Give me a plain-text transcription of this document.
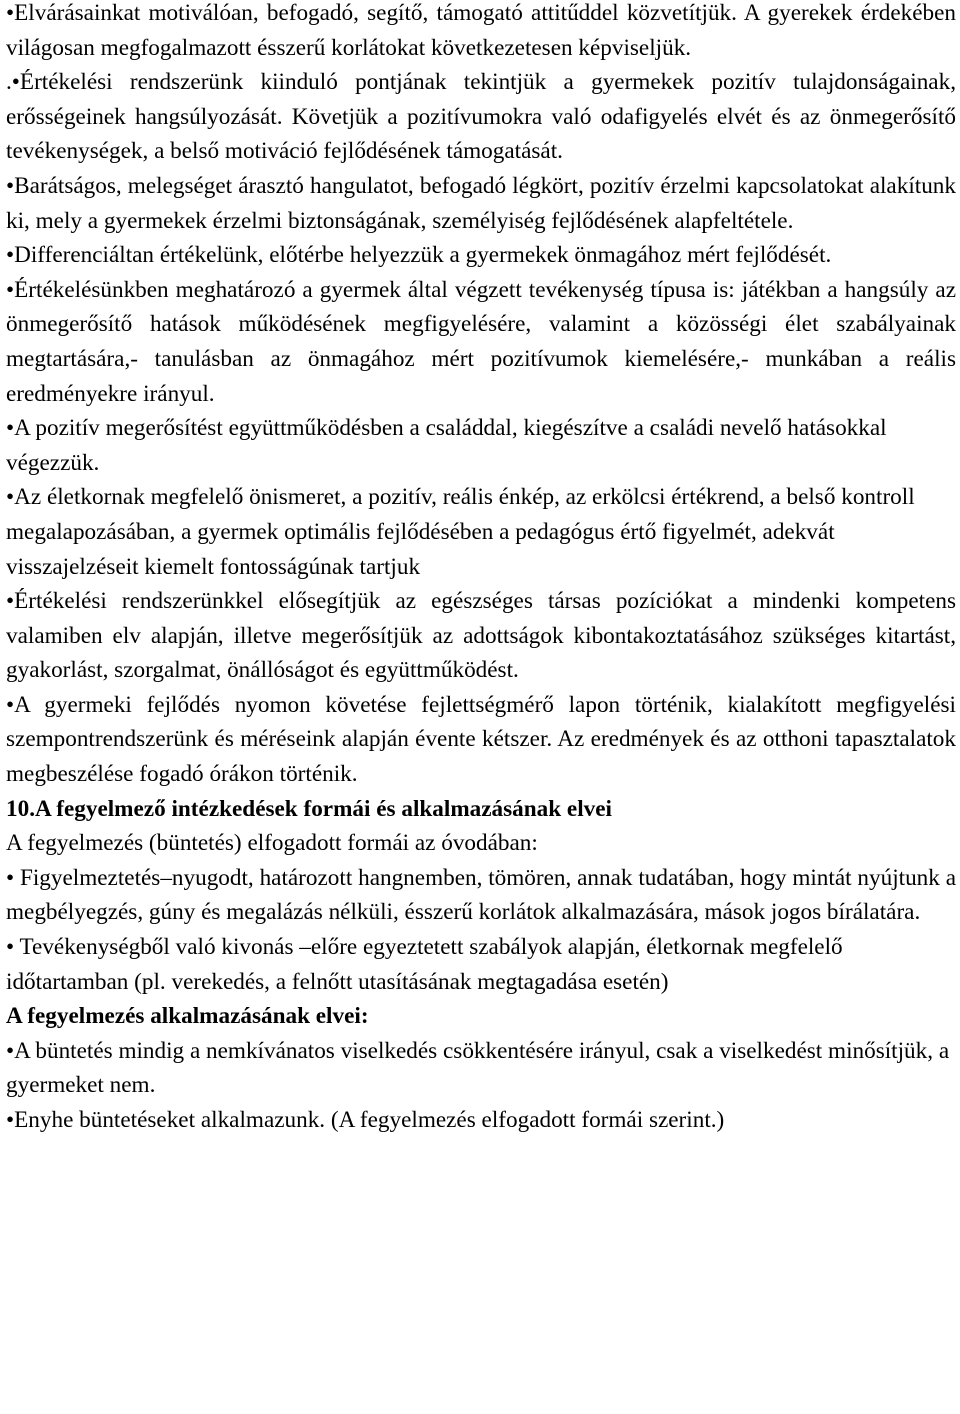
•Elvárásainkat motiválóan, befogadó, segítő, támogató attitűddel közvetítjük. A gyerekek érdekében világosan megfogalmazott ésszerű korlátokat következetesen képviseljük.

.•Értékelési rendszerünk kiinduló pontjának tekintjük a gyermekek pozitív tulajdonságainak, erősségeinek hangsúlyozását. Követjük a pozitívumokra való odafigyelés elvét és az önmegerősítő tevékenységek, a belső motiváció fejlődésének támogatását.

•Barátságos, melegséget árasztó hangulatot, befogadó légkört, pozitív érzelmi kapcsolatokat alakítunk ki, mely a gyermekek érzelmi biztonságának, személyiség fejlődésének alapfeltétele.

•Differenciáltan értékelünk, előtérbe helyezzük a gyermekek önmagához mért fejlődését.

•Értékelésünkben meghatározó a gyermek által végzett tevékenység típusa is: játékban a hangsúly az önmegerősítő hatások működésének megfigyelésére, valamint a közösségi élet szabályainak megtartására,- tanulásban az önmagához mért pozitívumok kiemelésére,- munkában a reális eredményekre irányul.

•A pozitív megerősítést együttműködésben a családdal, kiegészítve a családi nevelő hatásokkal végezzük.

•Az életkornak megfelelő önismeret, a pozitív, reális énkép, az erkölcsi értékrend, a belső kontroll megalapozásában, a gyermek optimális fejlődésében a pedagógus értő figyelmét, adekvát visszajelzéseit kiemelt fontosságúnak tartjuk

•Értékelési rendszerünkkel elősegítjük az egészséges társas pozíciókat a mindenki kompetens valamiben elv alapján, illetve megerősítjük az adottságok kibontakoztatásához szükséges kitartást, gyakorlást, szorgalmat, önállóságot és együttműködést.

•A gyermeki fejlődés nyomon követése fejlettségmérő lapon történik, kialakított megfigyelési szempontrendszerünk és méréseink alapján évente kétszer. Az eredmények és az otthoni tapasztalatok megbeszélése fogadó órákon történik.

10.A fegyelmező intézkedések formái és alkalmazásának elvei

A fegyelmezés (büntetés) elfogadott formái az óvodában:

• Figyelmeztetés–nyugodt, határozott hangnemben, tömören, annak tudatában, hogy mintát nyújtunk a megbélyegzés, gúny és megalázás nélküli, ésszerű korlátok alkalmazására, mások jogos bírálatára.

• Tevékenységből való kivonás –előre egyeztetett szabályok alapján, életkornak megfelelő időtartamban (pl. verekedés, a felnőtt utasításának megtagadása esetén)

A fegyelmezés alkalmazásának elvei:

•A büntetés mindig a nemkívánatos viselkedés csökkentésére irányul, csak a viselkedést minősítjük, a gyermeket nem.

•Enyhe büntetéseket alkalmazunk. (A fegyelmezés elfogadott formái szerint.)
